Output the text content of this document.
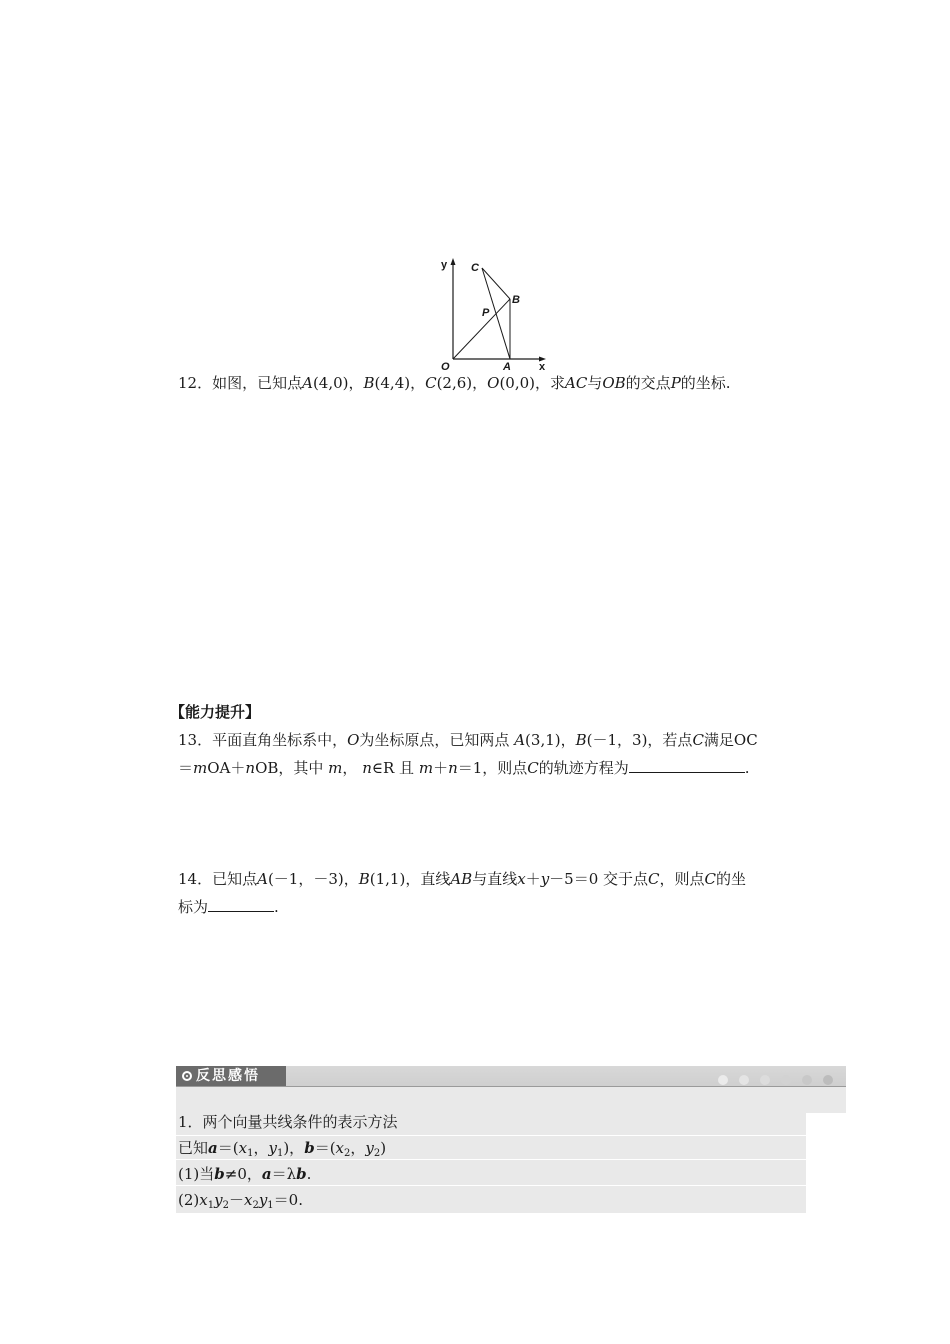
y
x
O	A
B
C
P
12．如图，已知点A(4,0)，B(4,4)，C(2,6)，O(0,0)，求AC与OB的交点P的坐标.
【能力提升】
13．平面直角坐标系中，O为坐标原点，已知两点 A(3,1)，B(－1，3)，若点C满足OC
＝mOA＋nOB，其中 m， n∈R 且 m＋n＝1，则点C的轨迹方程为	.
14．已知点A(－1，－3)，B(1,1)，直线AB与直线x＋y－5＝0 交于点C，则点C的坐
标为	.
反思感悟
1．两个向量共线条件的表示方法
已知$a=(x_1$，$y_1$)，$b=(x_2$，$y_2$)
(1)当b≠0，a＝λb.
$(2)x_1y_2-x_2y_1=0$.
